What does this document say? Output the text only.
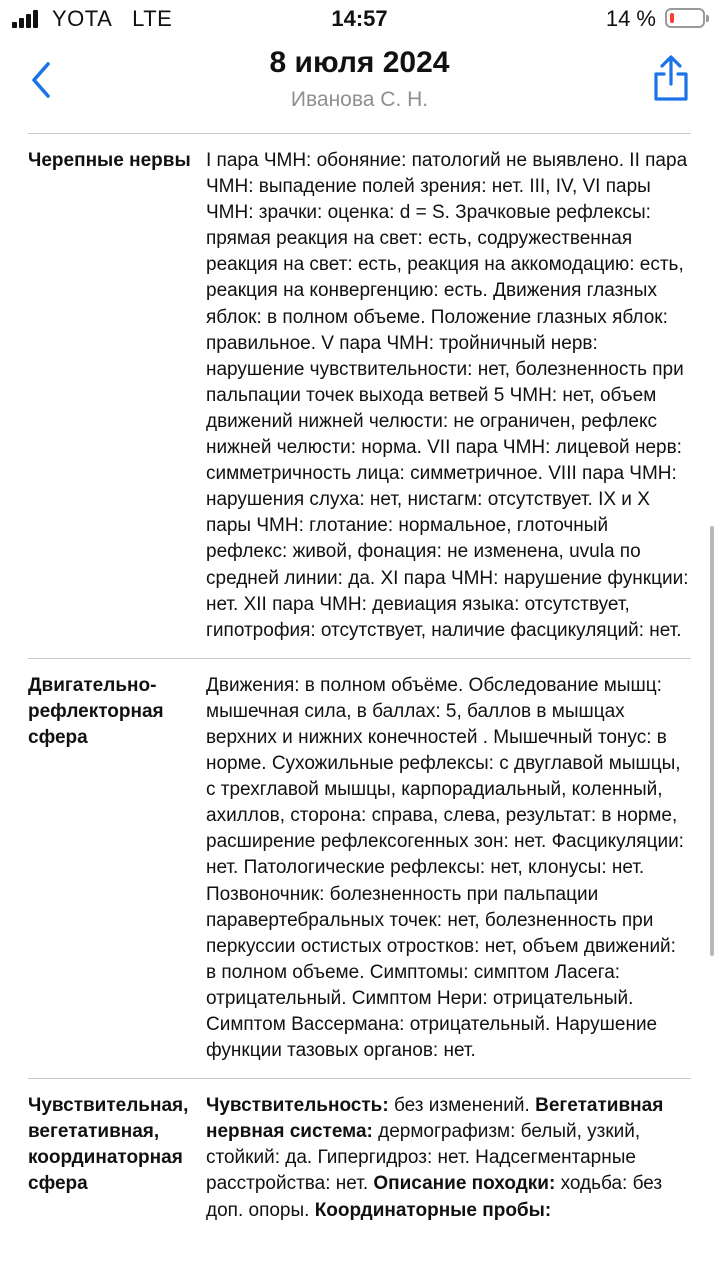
YOTA LTE	14:57	14 %
8 июля 2024
Иванова С. Н.
Черепные нервы I пара ЧМН: обоняние: патологий не выявлено. II пара ЧМН: выпадение полей зрения: нет. III, IV, VI пары ЧМН: зрачки: оценка: d = S. Зрачковые рефлексы: прямая реакция на свет: есть, содружественная реакция на свет: есть, реакция на аккомодацию: есть, реакция на конвергенцию: есть. Движения глазных яблок: в полном объеме. Положение глазных яблок: правильное. V пара ЧМН: тройничный нерв: нарушение чувствительности: нет, болезненность при пальпации точек выхода ветвей 5 ЧМН: нет, объем движений нижней челюсти: не ограничен, рефлекс нижней челюсти: норма. VII пара ЧМН: лицевой нерв: симметричность лица: симметричное. VIII пара ЧМН: нарушения слуха: нет, нистагм: отсутствует. IX и X пары ЧМН: глотание: нормальное, глоточный рефлекс: живой, фонация: не изменена, uvula по средней линии: да. XI пара ЧМН: нарушение функции: нет. XII пара ЧМН: девиация языка: отсутствует, гипотрофия: отсутствует, наличие фасцикуляций: нет.
Двигательно-рефлекторная сфера
Движения: в полном объёме. Обследование мышц: мышечная сила, в баллах: 5, баллов в мышцах верхних и нижних конечностей . Мышечный тонус: в норме. Сухожильные рефлексы: с двуглавой мышцы, с трехглавой мышцы, карпорадиальный, коленный, ахиллов, сторона: справа, слева, результат: в норме, расширение рефлексогенных зон: нет. Фасцикуляции: нет. Патологические рефлексы: нет, клонусы: нет. Позвоночник: болезненность при пальпации паравертебральных точек: нет, болезненность при перкуссии остистых отростков: нет, объем движений: в полном объеме. Симптомы: симптом Ласега: отрицательный. Симптом Нери: отрицательный. Симптом Вассермана: отрицательный. Нарушение функции тазовых органов: нет.
Чувствительная, вегетативная, координаторная сфера
Чувствительность: без изменений. Вегетативная нервная система: дермографизм: белый, узкий, стойкий: да. Гипергидроз: нет. Надсегментарные расстройства: нет. Описание походки: ходьба: без доп. опоры. Координаторные пробы:
